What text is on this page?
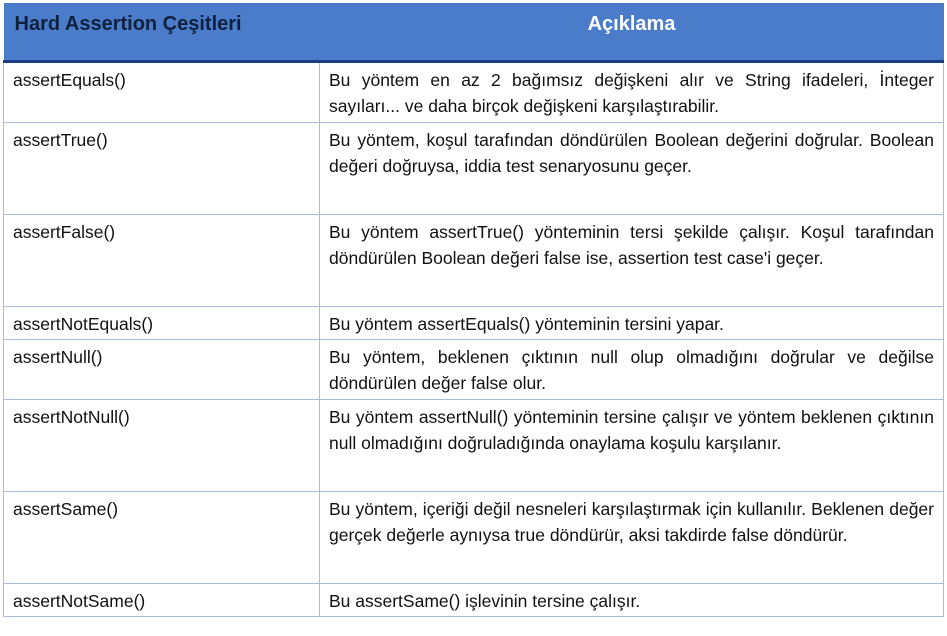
Hard Assertion Çeşitleri	Açıklama
assertEquals()	Bu yöntem en az 2 bağımsız değişkeni alır ve String ifadeleri, İnteger sayıları... ve daha birçok değişkeni karşılaştırabilir.
assertTrue()	Bu yöntem, koşul tarafından döndürülen Boolean değerini doğrular. Boolean değeri doğruysa, iddia test senaryosunu geçer.
assertFalse()	Bu yöntem assertTrue() yönteminin tersi şekilde çalışır. Koşul tarafından döndürülen Boolean değeri false ise, assertion test case'i geçer.
assertNotEquals()	Bu yöntem assertEquals() yönteminin tersini yapar.
assertNull()	Bu yöntem, beklenen çıktının null olup olmadığını doğrular ve değilse döndürülen değer false olur.
assertNotNull()	Bu yöntem assertNull() yönteminin tersine çalışır ve yöntem beklenen çıktının null olmadığını doğruladığında onaylama koşulu karşılanır.
assertSame()	Bu yöntem, içeriği değil nesneleri karşılaştırmak için kullanılır. Beklenen değer gerçek değerle aynıysa true döndürür, aksi takdirde false döndürür.
assertNotSame()	Bu assertSame() işlevinin tersine çalışır.
